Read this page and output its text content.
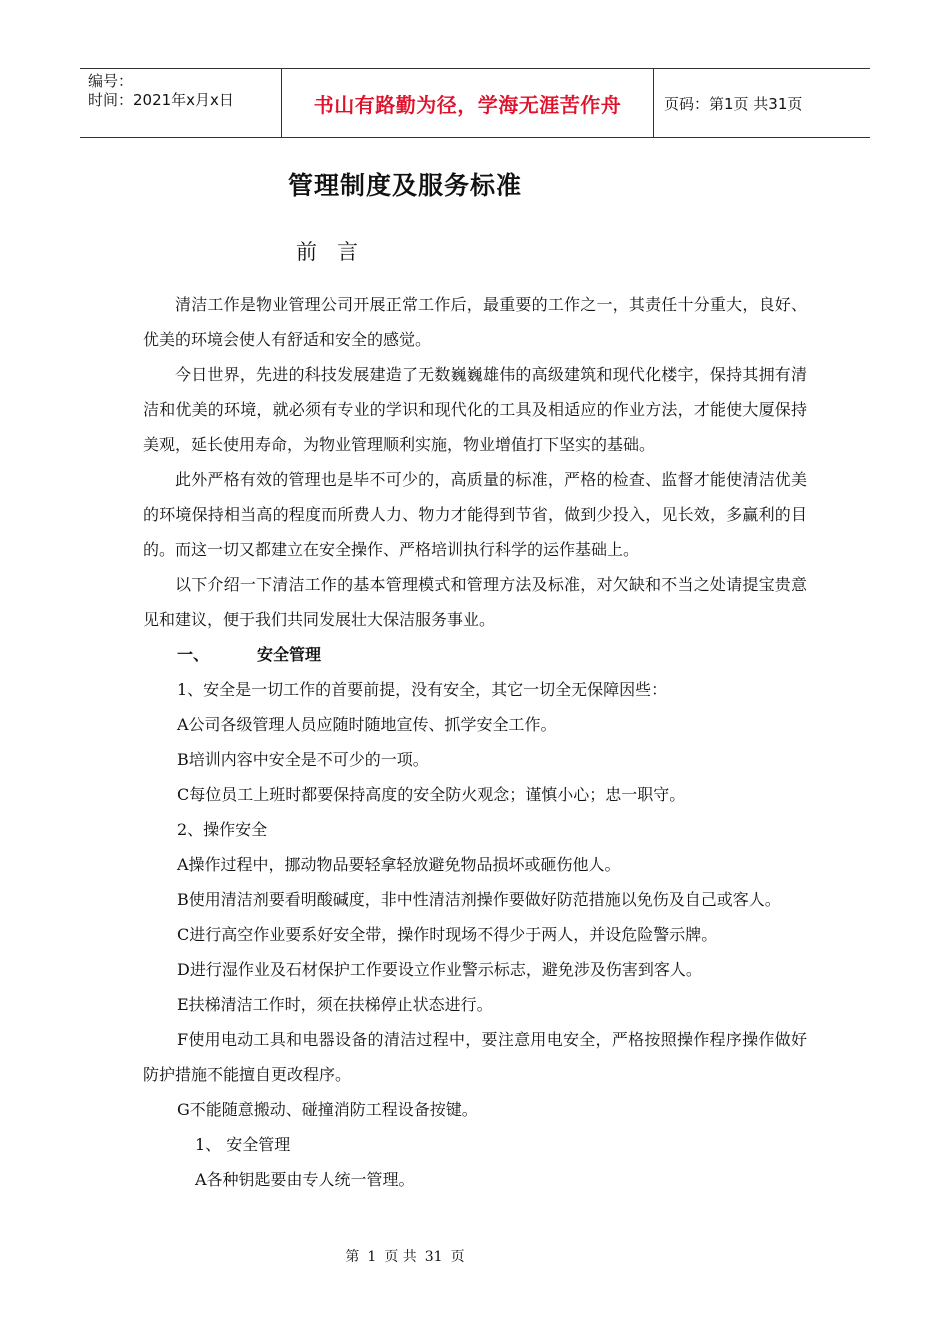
编号：
时间：2021年x月x日	书山有路勤为径，学海无涯苦作舟	页码：第1页 共31页
管理制度及服务标准
前言

清洁工作是物业管理公司开展正常工作后，最重要的工作之一，其责任十分重大，良好、优美的环境会使人有舒适和安全的感觉。

今日世界，先进的科技发展建造了无数巍巍雄伟的高级建筑和现代化楼宇，保持其拥有清洁和优美的环境，就必须有专业的学识和现代化的工具及相适应的作业方法，才能使大厦保持美观，延长使用寿命，为物业管理顺利实施，物业增值打下坚实的基础。

此外严格有效的管理也是毕不可少的，高质量的标准，严格的检查、监督才能使清洁优美的环境保持相当高的程度而所费人力、物力才能得到节省，做到少投入，见长效，多赢利的目的。而这一切又都建立在安全操作、严格培训执行科学的运作基础上。

以下介绍一下清洁工作的基本管理模式和管理方法及标准，对欠缺和不当之处请提宝贵意见和建议，便于我们共同发展壮大保洁服务事业。

一、	安全管理

1、安全是一切工作的首要前提，没有安全，其它一切全无保障因些：

A公司各级管理人员应随时随地宣传、抓学安全工作。

B培训内容中安全是不可少的一项。

C每位员工上班时都要保持高度的安全防火观念；谨慎小心；忠一职守。

2、操作安全

A操作过程中，挪动物品要轻拿轻放避免物品损坏或砸伤他人。

B使用清洁剂要看明酸碱度，非中性清洁剂操作要做好防范措施以免伤及自己或客人。

C进行高空作业要系好安全带，操作时现场不得少于两人，并设危险警示牌。

D进行湿作业及石材保护工作要设立作业警示标志，避免涉及伤害到客人。

E扶梯清洁工作时，须在扶梯停止状态进行。

F使用电动工具和电器设备的清洁过程中，要注意用电安全，严格按照操作程序操作做好防护措施不能擅自更改程序。

G不能随意搬动、碰撞消防工程设备按键。

1、 安全管理

A各种钥匙要由专人统一管理。

第 1 页 共 31 页
